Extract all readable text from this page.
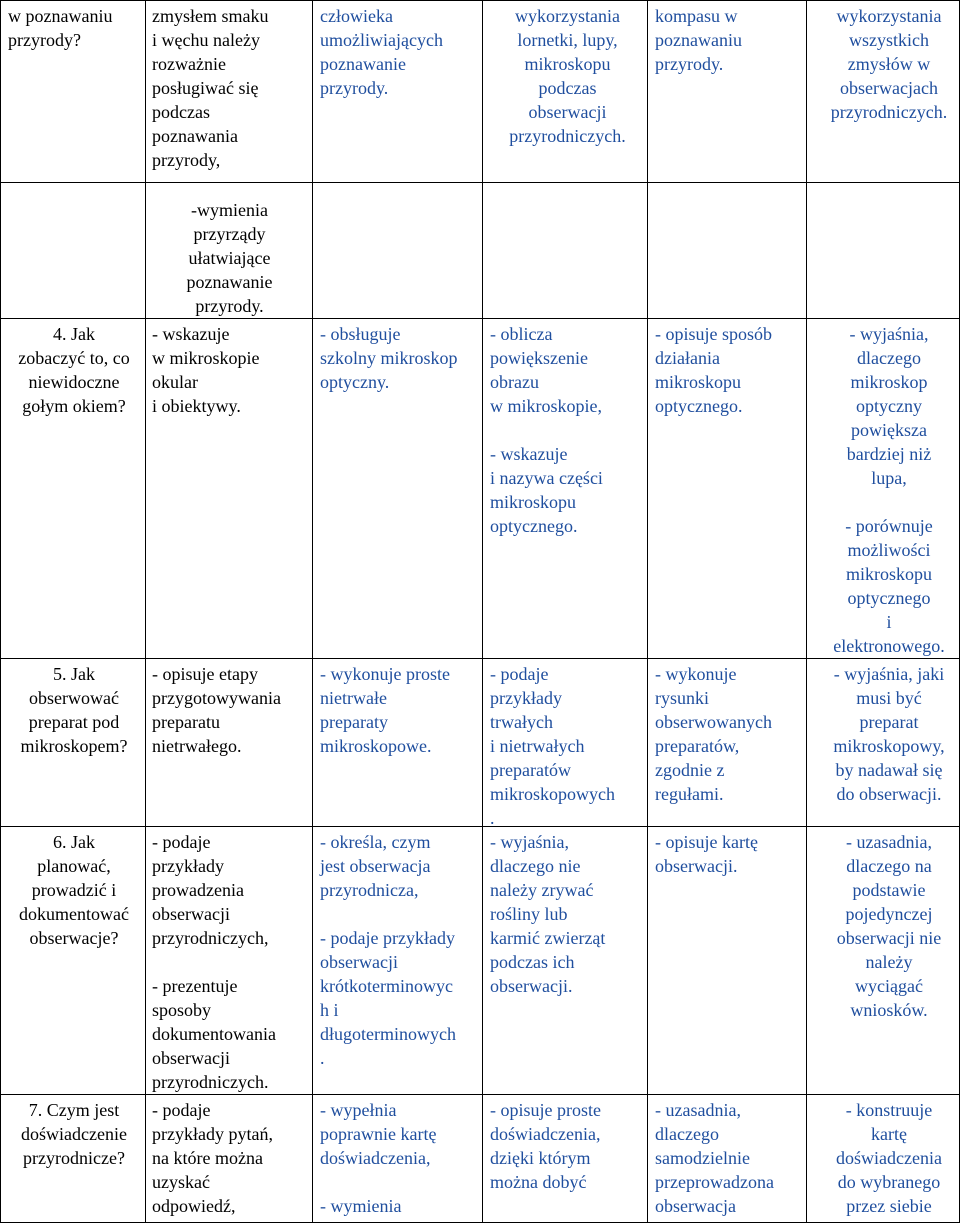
w poznawaniu
przyrody?
zmysłem smaku
i węchu należy
rozważnie
posługiwać się
podczas
poznawania
przyrody,
człowieka
umożliwiających
poznawanie
przyrody.
wykorzystania
lornetki, lupy,
mikroskopu
podczas
obserwacji
przyrodniczych.
kompasu w
poznawaniu
przyrody.
wykorzystania
wszystkich
zmysłów w
obserwacjach
przyrodniczych.
-wymienia
przyrządy
ułatwiające
poznawanie
przyrody.
4. Jak
zobaczyć to, co
niewidoczne
gołym okiem?
- wskazuje
w mikroskopie
okular
i obiektywy.
- obsługuje
szkolny mikroskop
optyczny.
- oblicza
powiększenie
obrazu
w mikroskopie,

- wskazuje
i nazywa części
mikroskopu
optycznego.
- opisuje sposób
działania
mikroskopu
optycznego.
- wyjaśnia,
dlaczego
mikroskop
optyczny
powiększa
bardziej niż
lupa,

- porównuje
możliwości
mikroskopu
optycznego
i
elektronowego.
5. Jak
obserwować
preparat pod
mikroskopem?
- opisuje etapy
przygotowywania
preparatu
nietrwałego.
- wykonuje proste
nietrwałe
preparaty
mikroskopowe.
- podaje
przykłady
trwałych
i nietrwałych
preparatów
mikroskopowych
.
- wykonuje
rysunki
obserwowanych
preparatów,
zgodnie z
regułami.
- wyjaśnia, jaki
musi być
preparat
mikroskopowy,
by nadawał się
do obserwacji.
6. Jak
planować,
prowadzić i
dokumentować
obserwacje?
- podaje
przykłady
prowadzenia
obserwacji
przyrodniczych,

- prezentuje
sposoby
dokumentowania
obserwacji
przyrodniczych.
- określa, czym
jest obserwacja
przyrodnicza,

- podaje przykłady
obserwacji
krótkoterminowyc
h i
długoterminowych
.
- wyjaśnia,
dlaczego nie
należy zrywać
rośliny lub
karmić zwierząt
podczas ich
obserwacji.
- opisuje kartę
obserwacji.
- uzasadnia,
dlaczego na
podstawie
pojedynczej
obserwacji nie
należy
wyciągać
wniosków.
7. Czym jest
doświadczenie
przyrodnicze?
- podaje
przykłady pytań,
na które można
uzyskać
odpowiedź,
- wypełnia
poprawnie kartę
doświadczenia,

- wymienia
- opisuje proste
doświadczenia,
dzięki którym
można dobyć
- uzasadnia,
dlaczego
samodzielnie
przeprowadzona
obserwacja
- konstruuje
kartę
doświadczenia
do wybranego
przez siebie
